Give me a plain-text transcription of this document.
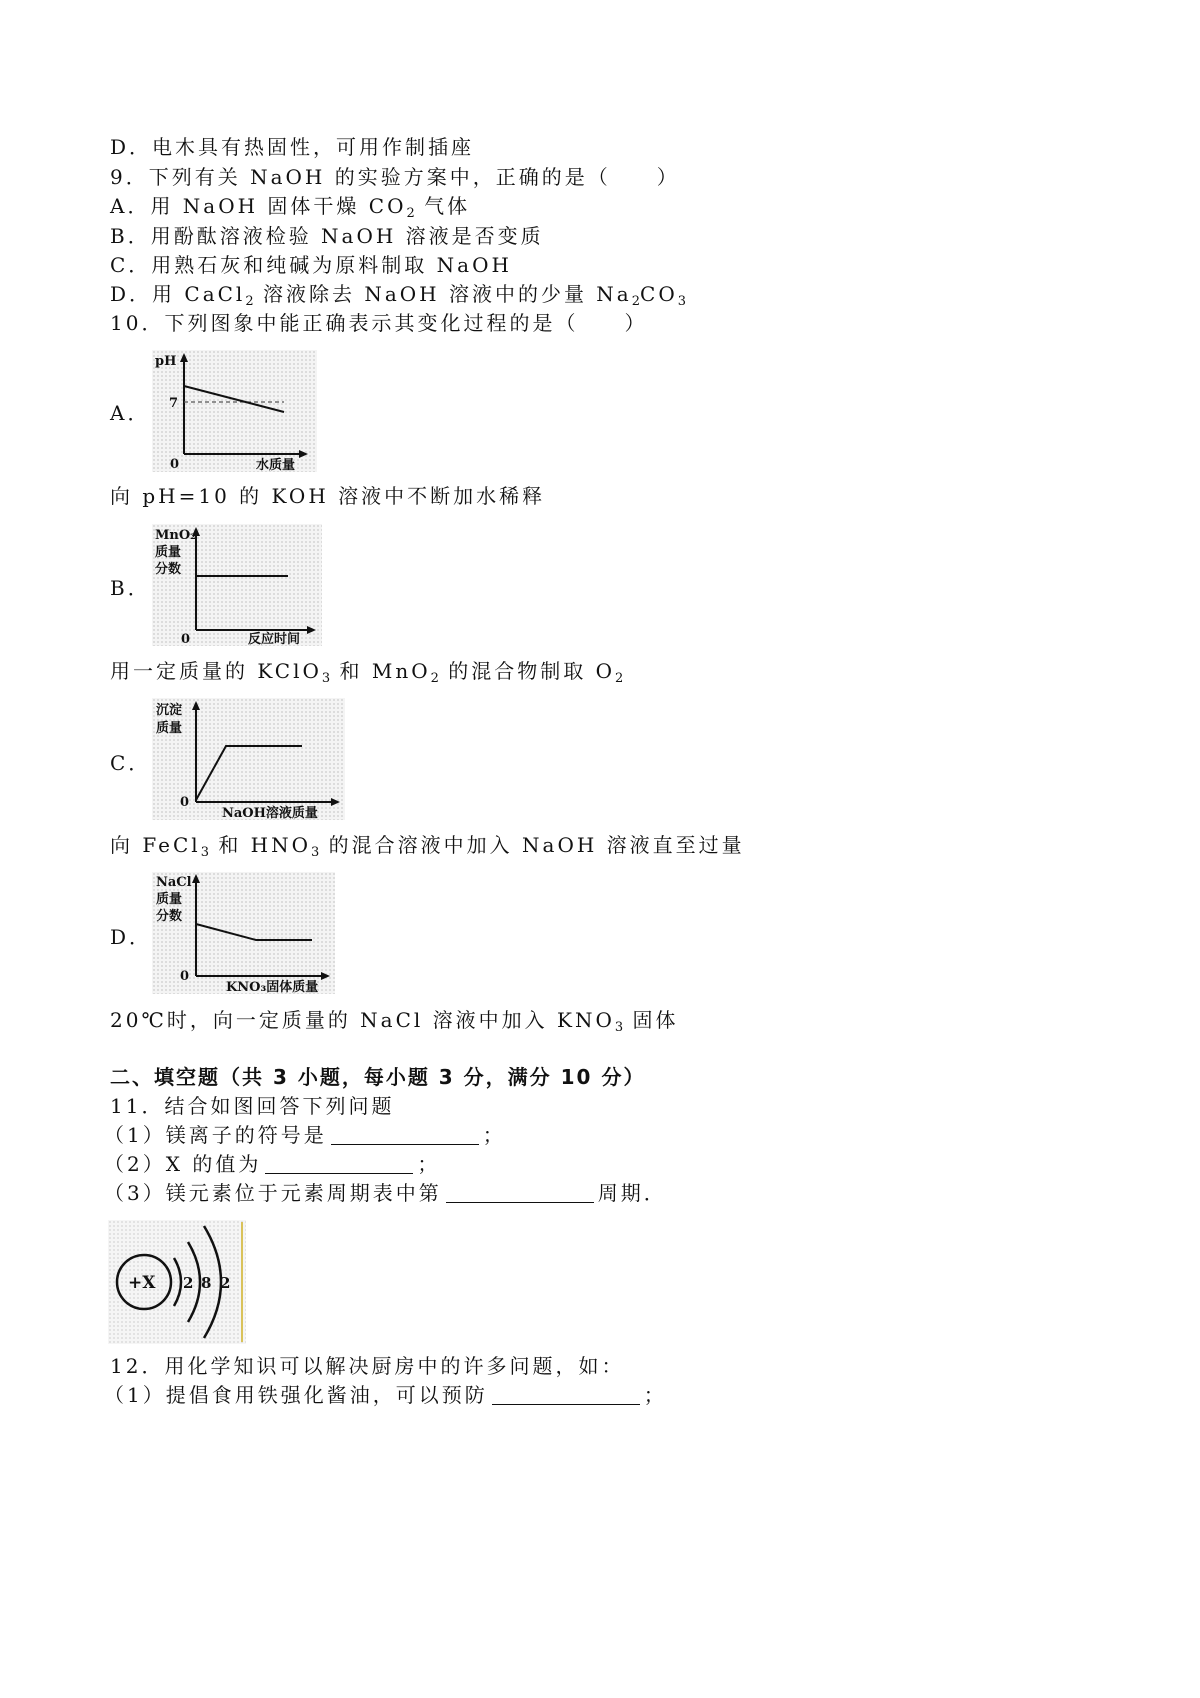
D．电木具有热固性，可用作制插座
9．下列有关 NaOH 的实验方案中，正确的是（　　）
A．用 NaOH 固体干燥 $CO_2$ 气体
B．用酚酞溶液检验 NaOH 溶液是否变质
C．用熟石灰和纯碱为原料制取 NaOH
D．用 CaCl$_2$ 溶液除去 NaOH 溶液中的少量 $Na_2CO_3$
10．下列图象中能正确表示其变化过程的是（　　）
A．
pH
7
0	水质量
向 pH=10 的 KOH 溶液中不断加水稀释
B．
MnO₂
质量
分数
0	反应时间
用一定质量的 KClO$_3$ 和 MnO$_2$ 的混合物制取 $O_2$
C．
沉淀
质量
0
NaOH溶液质量
向 FeCl$_3$ 和 $HNO_3$ 的混合溶液中加入 NaOH 溶液直至过量
D．
NaCl
质量
分数
0
KNO₃固体质量
20℃时，向一定质量的 NaCl 溶液中加入 $KNO_3$ 固体
二、填空题（共 3 小题，每小题 3 分，满分 10 分）
11．结合如图回答下列问题
（1）镁离子的符号是	；
（2）X 的值为	；
（3）镁元素位于元素周期表中第	周期．
+X 2 8 2
12．用化学知识可以解决厨房中的许多问题，如：
（1）提倡食用铁强化酱油，可以预防	；
